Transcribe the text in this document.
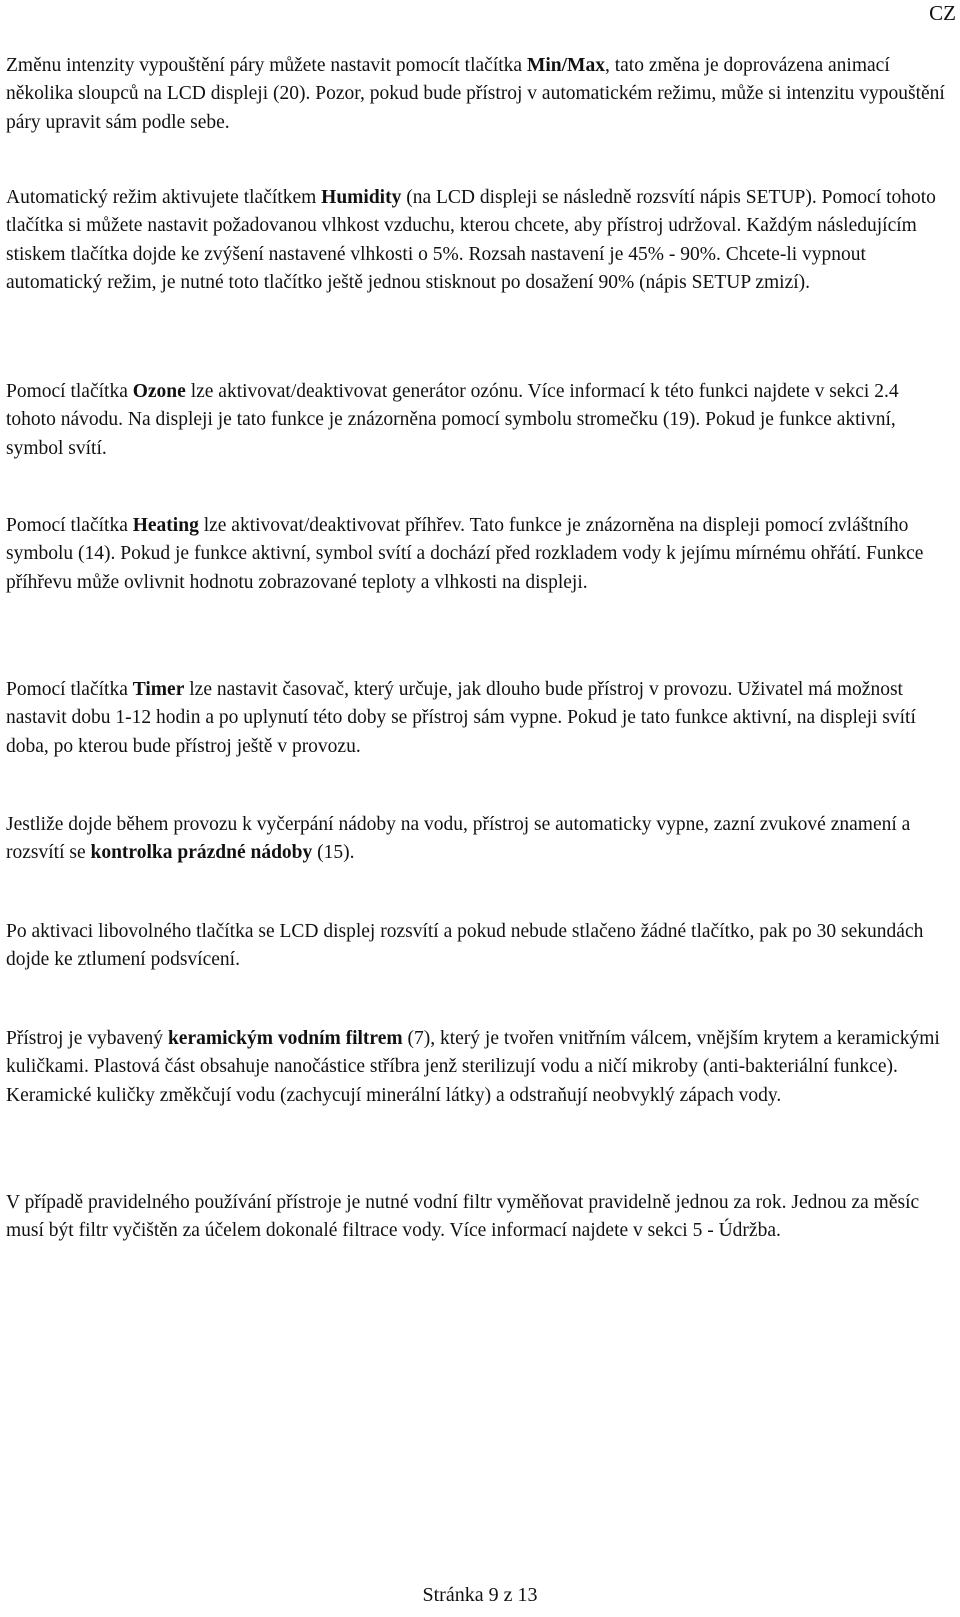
CZ

Změnu intenzity vypouštění páry můžete nastavit pomocít tlačítka Min/Max, tato změna je doprovázena animací několika sloupců na LCD displeji (20). Pozor, pokud bude přístroj v automatickém režimu, může si intenzitu vypouštění páry upravit sám podle sebe.

Automatický režim aktivujete tlačítkem Humidity (na LCD displeji se následně rozsvítí nápis SETUP). Pomocí tohoto tlačítka si můžete nastavit požadovanou vlhkost vzduchu, kterou chcete, aby přístroj udržoval. Každým následujícím stiskem tlačítka dojde ke zvýšení nastavené vlhkosti o 5%. Rozsah nastavení je 45% - 90%. Chcete-li vypnout automatický režim, je nutné toto tlačítko ještě jednou stisknout po dosažení 90% (nápis SETUP zmizí).

Pomocí tlačítka Ozone lze aktivovat/deaktivovat generátor ozónu. Více informací k této funkci najdete v sekci 2.4 tohoto návodu. Na displeji je tato funkce je znázorněna pomocí symbolu stromečku (19). Pokud je funkce aktivní, symbol svítí.

Pomocí tlačítka Heating lze aktivovat/deaktivovat příhřev. Tato funkce je znázorněna na displeji pomocí zvláštního symbolu (14). Pokud je funkce aktivní, symbol svítí a dochází před rozkladem vody k jejímu mírnému ohřátí. Funkce příhřevu může ovlivnit hodnotu zobrazované teploty a vlhkosti na displeji.

Pomocí tlačítka Timer lze nastavit časovač, který určuje, jak dlouho bude přístroj v provozu. Uživatel má možnost nastavit dobu 1-12 hodin a po uplynutí této doby se přístroj sám vypne. Pokud je tato funkce aktivní, na displeji svítí doba, po kterou bude přístroj ještě v provozu.

Jestliže dojde během provozu k vyčerpání nádoby na vodu, přístroj se automaticky vypne, zazní zvukové znamení a rozsvítí se kontrolka prázdné nádoby (15).

Po aktivaci libovolného tlačítka se LCD displej rozsvítí a pokud nebude stlačeno žádné tlačítko, pak po 30 sekundách dojde ke ztlumení podsvícení.

Přístroj je vybavený keramickým vodním filtrem (7), který je tvořen vnitřním válcem, vnějším krytem a keramickými kuličkami. Plastová část obsahuje nanočástice stříbra jenž sterilizují vodu a ničí mikroby (anti-bakteriální funkce). Keramické kuličky změkčují vodu (zachycují minerální látky) a odstraňují neobvyklý zápach vody.

V případě pravidelného používání přístroje je nutné vodní filtr vyměňovat pravidelně jednou za rok. Jednou za měsíc musí být filtr vyčištěn za účelem dokonalé filtrace vody. Více informací najdete v sekci 5 - Údržba.

Stránka 9 z 13
